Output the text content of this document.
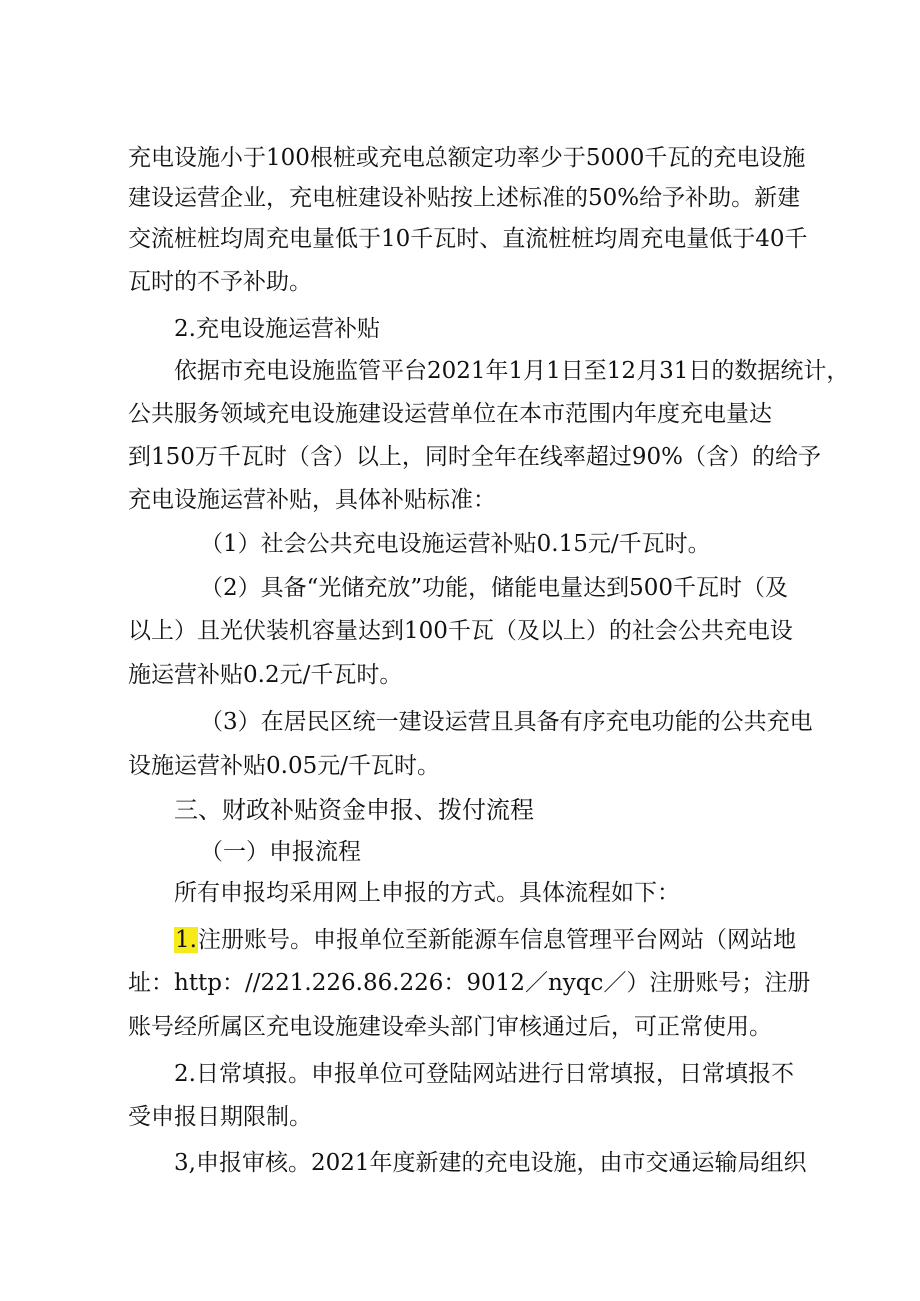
充电设施小于100根桩或充电总额定功率少于5000千瓦的充电设施
建设运营企业，充电桩建设补贴按上述标准的50%给予补助。新建
交流桩桩均周充电量低于10千瓦时、直流桩桩均周充电量低于40千
瓦时的不予补助。
2.充电设施运营补贴
依据市充电设施监管平台2021年1月1日至12月31日的数据统计，
公共服务领域充电设施建设运营单位在本市范围内年度充电量达
到150万千瓦时（含）以上，同时全年在线率超过90%（含）的给予
充电设施运营补贴，具体补贴标准：
（1）社会公共充电设施运营补贴0.15元/千瓦时。
（2）具备“光储充放”功能，储能电量达到500千瓦时（及
以上）且光伏装机容量达到100千瓦（及以上）的社会公共充电设
施运营补贴0.2元/千瓦时。
（3）在居民区统一建设运营且具备有序充电功能的公共充电
设施运营补贴0.05元/千瓦时。
三、财政补贴资金申报、拨付流程
（一）申报流程
所有申报均采用网上申报的方式。具体流程如下：
1.注册账号。申报单位至新能源车信息管理平台网站（网站地
址：http：//221.226.86.226：9012／nyqc／）注册账号；注册
账号经所属区充电设施建设牵头部门审核通过后，可正常使用。
2.日常填报。申报单位可登陆网站进行日常填报，日常填报不
受申报日期限制。
3,申报审核。2021年度新建的充电设施，由市交通运输局组织
